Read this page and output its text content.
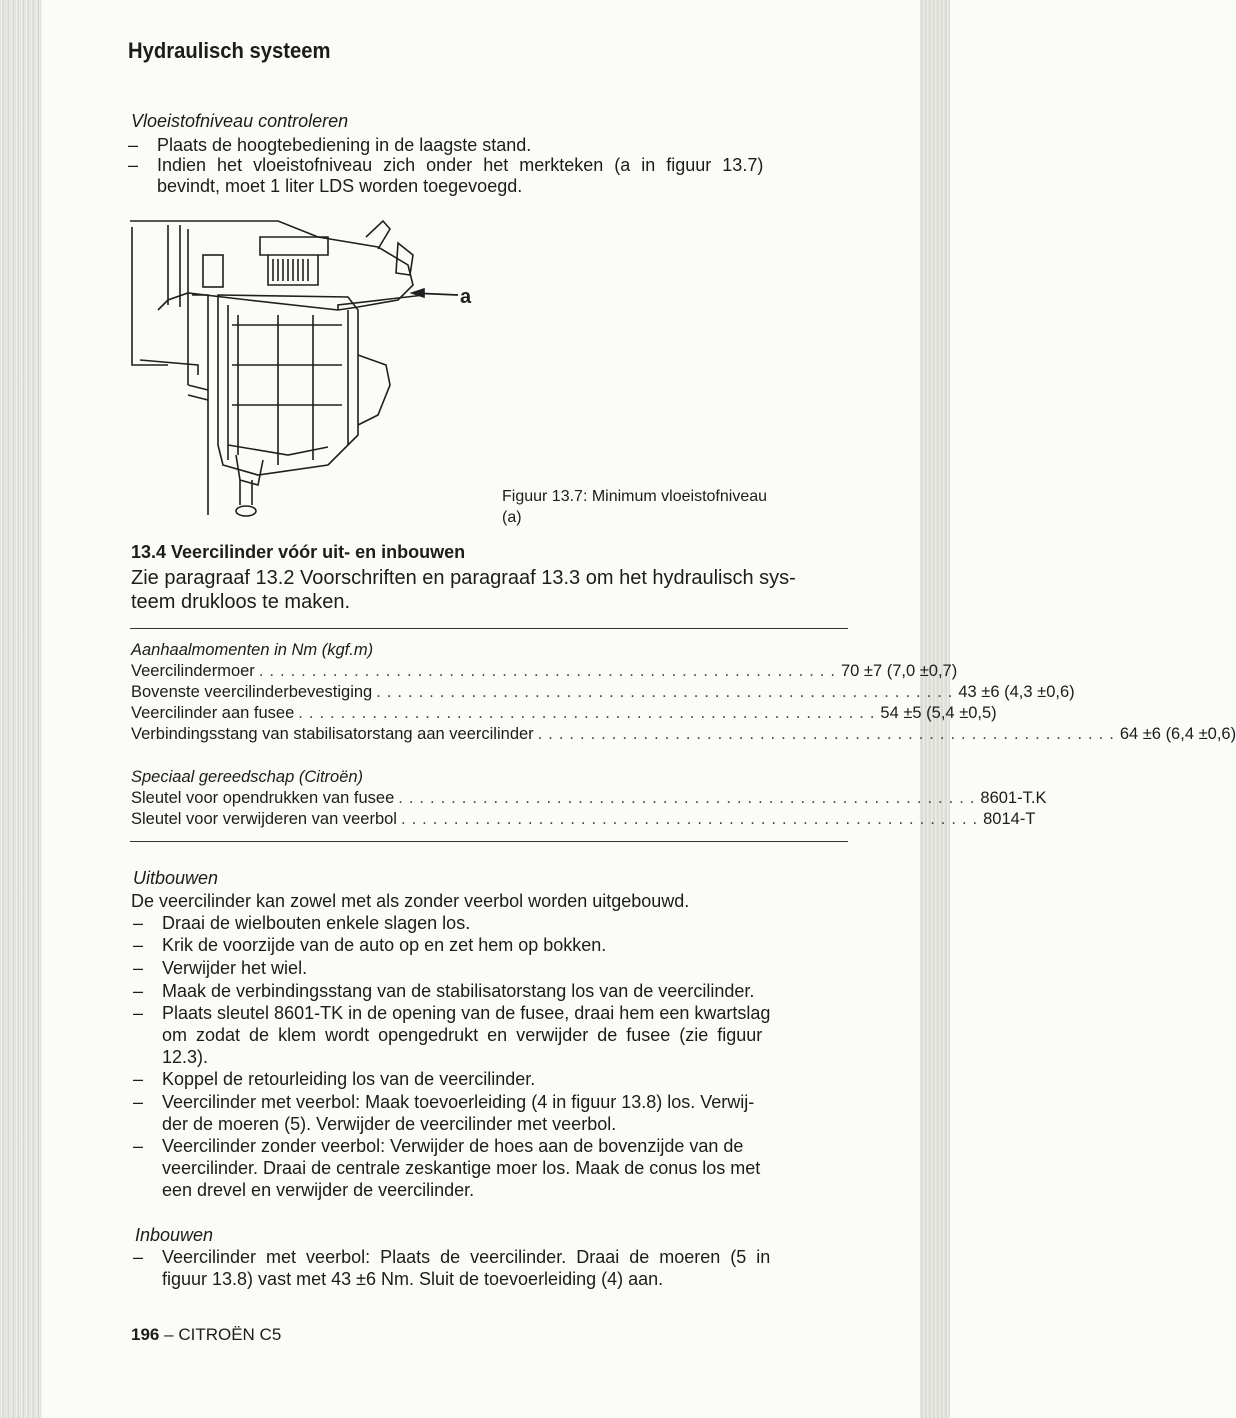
Hydraulisch systeem
Vloeistofniveau controleren
– Plaats de hoogtebediening in de laagste stand.
– Indien het vloeistofniveau zich onder het merkteken (a in figuur 13.7)
bevindt, moet 1 liter LDS worden toegevoegd.
a
Figuur 13.7: Minimum vloeistofniveau
(a)
13.4 Veercilinder vóór uit- en inbouwen
Zie paragraaf 13.2 Voorschriften en paragraaf 13.3 om het hydraulisch sys-
teem drukloos te maken.
Aanhaalmomenten in Nm (kgf.m)
Veercilindermoer ....................................................... 70 ±7 (7,0 ±0,7)
Bovenste veercilinderbevestiging ....................................................... 43 ±6 (4,3 ±0,6)
Veercilinder aan fusee ....................................................... 54 ±5 (5,4 ±0,5)
Verbindingsstang van stabilisatorstang aan veercilinder ....................................................... 64 ±6 (6,4 ±0,6)
Speciaal gereedschap (Citroën)
Sleutel voor opendrukken van fusee ....................................................... 8601-T.K
Sleutel voor verwijderen van veerbol ....................................................... 8014-T
Uitbouwen
De veercilinder kan zowel met als zonder veerbol worden uitgebouwd.
– Draai de wielbouten enkele slagen los.
– Krik de voorzijde van de auto op en zet hem op bokken.
– Verwijder het wiel.
– Maak de verbindingsstang van de stabilisatorstang los van de veercilinder.
– Plaats sleutel 8601-TK in de opening van de fusee, draai hem een kwartslag
om zodat de klem wordt opengedrukt en verwijder de fusee (zie figuur
12.3).
– Koppel de retourleiding los van de veercilinder.
– Veercilinder met veerbol: Maak toevoerleiding (4 in figuur 13.8) los. Verwij-
der de moeren (5). Verwijder de veercilinder met veerbol.
– Veercilinder zonder veerbol: Verwijder de hoes aan de bovenzijde van de
veercilinder. Draai de centrale zeskantige moer los. Maak de conus los met
een drevel en verwijder de veercilinder.
Inbouwen
– Veercilinder met veerbol: Plaats de veercilinder. Draai de moeren (5 in
figuur 13.8) vast met 43 ±6 Nm. Sluit de toevoerleiding (4) aan.
196 – CITROËN C5
